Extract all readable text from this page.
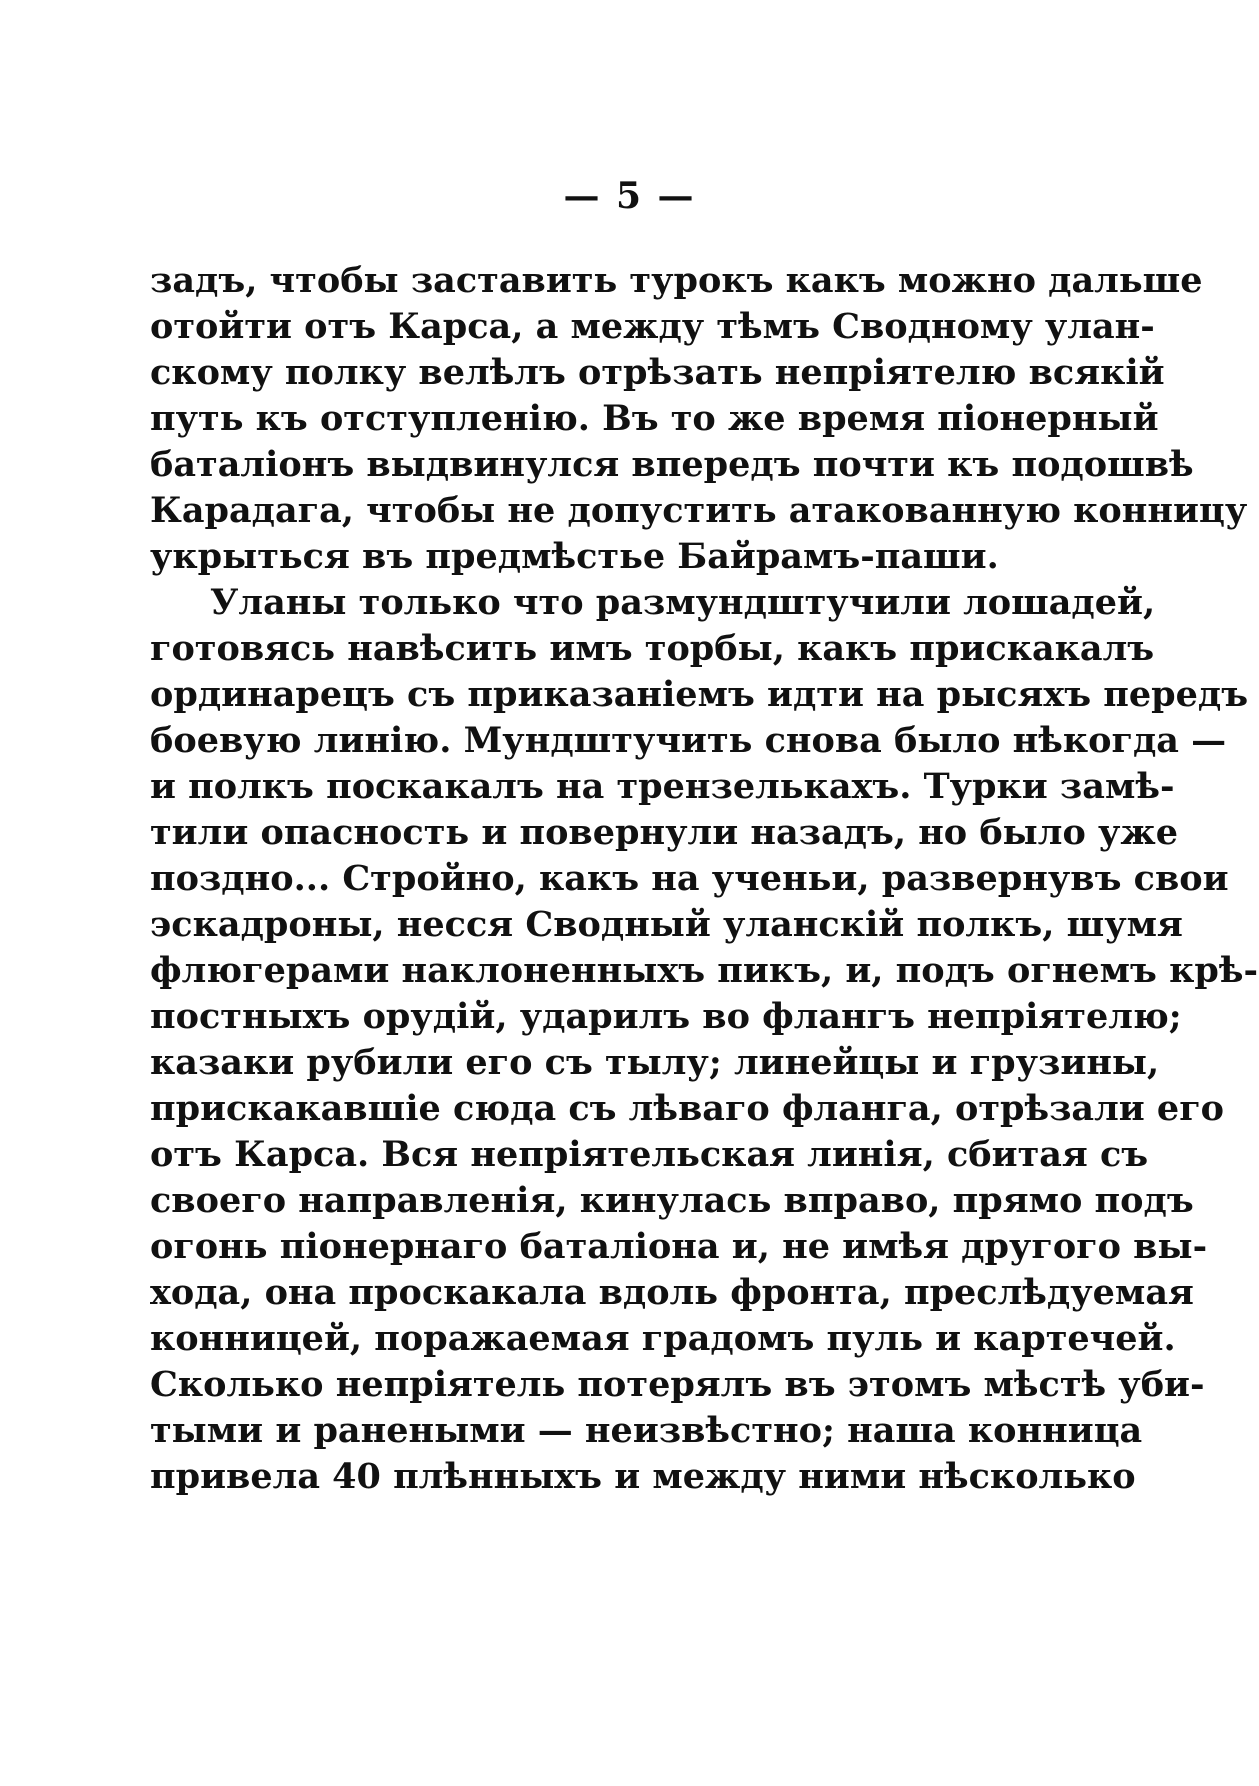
— 5 —
задъ, чтобы заставить турокъ какъ можно дальше
отойти отъ Карса, а между тѣмъ Сводному улан-
скому полку велѣлъ отрѣзать непріятелю всякій
путь къ отступленію. Въ то же время піонерный
баталіонъ выдвинулся впередъ почти къ подошвѣ
Карадага, чтобы не допустить атакованную конницу
укрыться въ предмѣстье Байрамъ-паши.
Уланы только что размундштучили лошадей,
готовясь навѣсить имъ торбы, какъ прискакалъ
ординарецъ съ приказаніемъ идти на рысяхъ передъ
боевую линію. Мундштучить снова было нѣкогда —
и полкъ поскакалъ на трензелькахъ. Турки замѣ-
тили опасность и повернули назадъ, но было уже
поздно... Стройно, какъ на ученьи, развернувъ свои
эскадроны, несся Сводный уланскій полкъ, шумя
флюгерами наклоненныхъ пикъ, и, подъ огнемъ крѣ-
постныхъ орудій, ударилъ во флангъ непріятелю;
казаки рубили его съ тылу; линейцы и грузины,
прискакавшіе сюда съ лѣваго фланга, отрѣзали его
отъ Карса. Вся непріятельская линія, сбитая съ
своего направленія, кинулась вправо, прямо подъ
огонь піонернаго баталіона и, не имѣя другого вы-
хода, она проскакала вдоль фронта, преслѣдуемая
конницей, поражаемая градомъ пуль и картечей.
Сколько непріятель потерялъ въ этомъ мѣстѣ уби-
тыми и ранеными — неизвѣстно; наша конница
привела 40 плѣнныхъ и между ними нѣсколько
